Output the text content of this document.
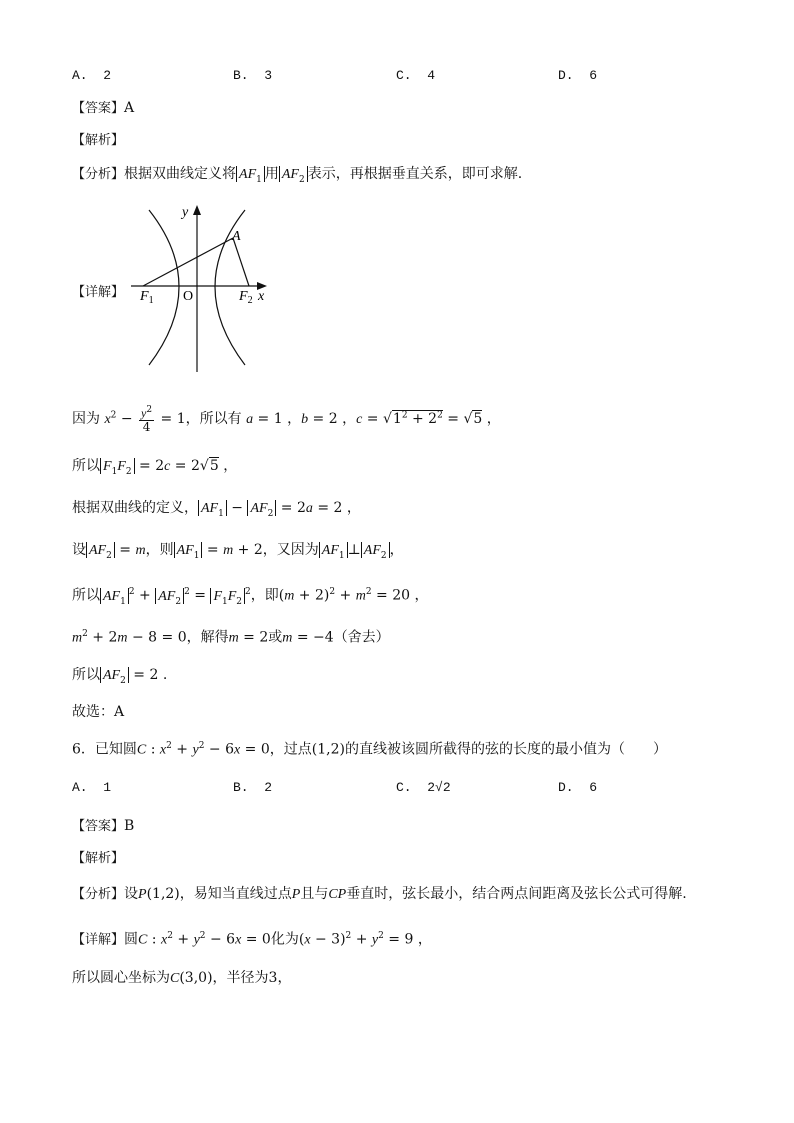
A. 2	B. 3	C. 4	D. 6
【答案】A
【解析】
【分析】根据双曲线定义将 $AF_1$ 用 $AF_2$ 表示，再根据垂直关系，即可求解.
【详解】
y
A
$F_1$ O	$F_2$ x
因为 $x^2 - \frac{y^2}{4} = 1$，所以有 a = 1 ，b = 2 ，$c = √1^2 + 2^2 = √5$ ，
所以 $F_1F_2 = 2c = 2√5$ ，
根据双曲线的定义， $AF_1 - AF_2 = 2a = 2$ ，
设 $AF_2 = m$，则 $AF_1 = m + 2$，又因为 $AF_1$ ⊥ $AF_2$ ，
所以 $AF_1^2 + AF_2^2 = F_1F_2^2$，即$(m + 2)^2 + m^2 = 20$ ，
$m^2 + 2m - 8 = 0$，解得m = 2或m = −4（舍去）
所以 $AF_2 = 2$ .
故选：A
6．已知圆C : $x^2 + y^2 - 6x = 0$，过点(1,2)的直线被该圆所截得的弦的长度的最小值为（　　）
A. 1	B. 2	C. 2√2	D. 6
【答案】B
【解析】
【分析】设P(1,2)，易知当直线过点P且与CP垂直时，弦长最小，结合两点间距离及弦长公式可得解.
【详解】圆C : $x^2 + y^2 - 6x = 0$化为$(x - 3)^2 + y^2 = 9$ ，
所以圆心坐标为C(3,0)，半径为3，
